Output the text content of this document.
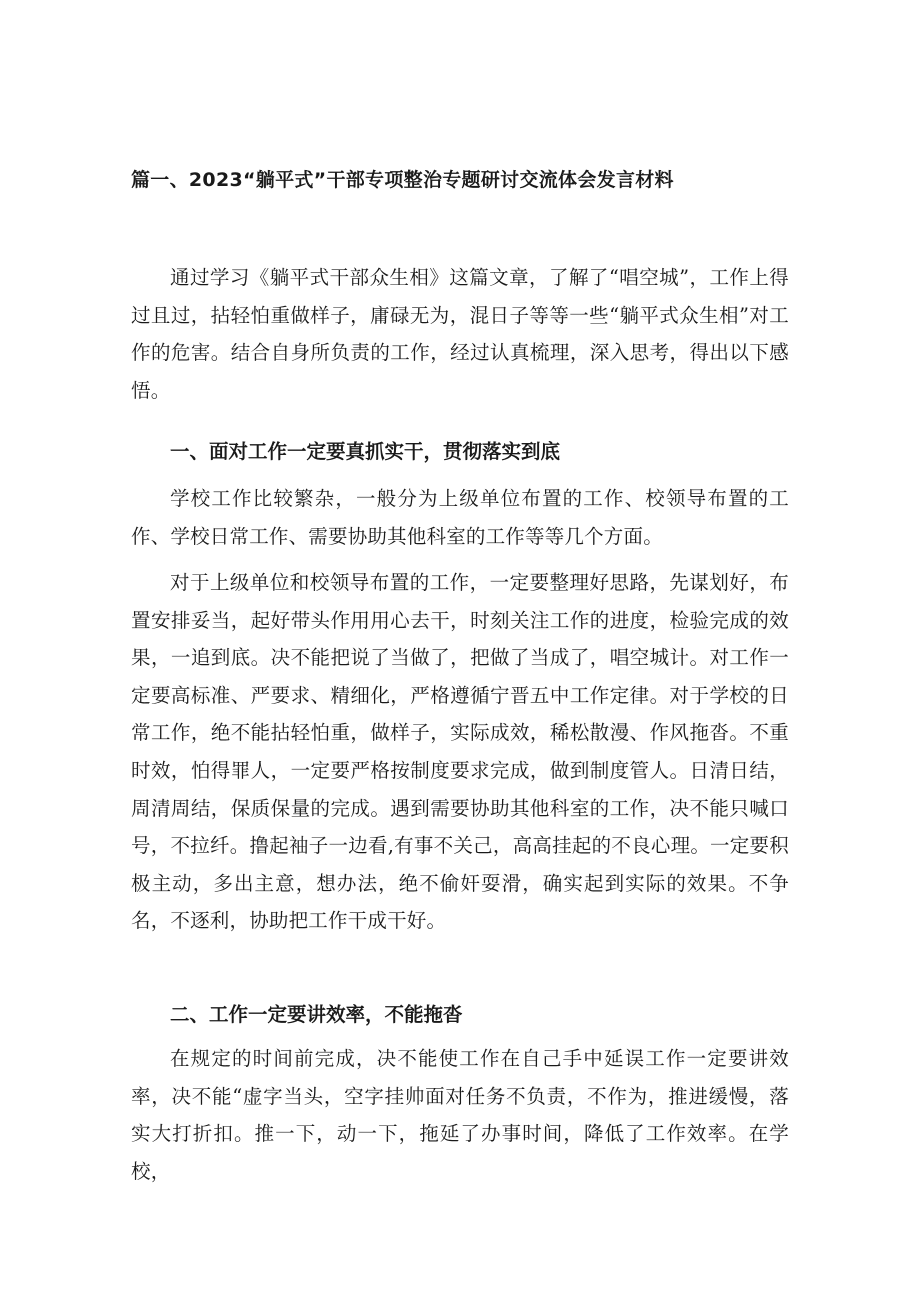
篇一、2023“躺平式”干部专项整治专题研讨交流体会发言材料

通过学习《躺平式干部众生相》这篇文章，了解了“唱空城”，工作上得过且过，拈轻怕重做样子，庸碌无为，混日子等等一些“躺平式众生相”对工作的危害。结合自身所负责的工作，经过认真梳理，深入思考，得出以下感悟。

一、面对工作一定要真抓实干，贯彻落实到底

学校工作比较繁杂，一般分为上级单位布置的工作、校领导布置的工作、学校日常工作、需要协助其他科室的工作等等几个方面。

对于上级单位和校领导布置的工作，一定要整理好思路，先谋划好，布置安排妥当，起好带头作用用心去干，时刻关注工作的进度，检验完成的效果，一追到底。决不能把说了当做了，把做了当成了，唱空城计。对工作一定要高标准、严要求、精细化，严格遵循宁晋五中工作定律。对于学校的日常工作，绝不能拈轻怕重，做样子，实际成效，稀松散漫、作风拖沓。不重时效，怕得罪人，一定要严格按制度要求完成，做到制度管人。日清日结，周清周结，保质保量的完成。遇到需要协助其他科室的工作，决不能只喊口号，不拉纤。撸起袖子一边看,有事不关己，高高挂起的不良心理。一定要积极主动，多出主意，想办法，绝不偷奸耍滑，确实起到实际的效果。不争名，不逐利，协助把工作干成干好。

二、工作一定要讲效率，不能拖沓

在规定的时间前完成，决不能使工作在自己手中延误工作一定要讲效率，决不能“虚字当头，空字挂帅面对任务不负责，不作为，推进缓慢，落实大打折扣。推一下，动一下，拖延了办事时间，降低了工作效率。在学校，
